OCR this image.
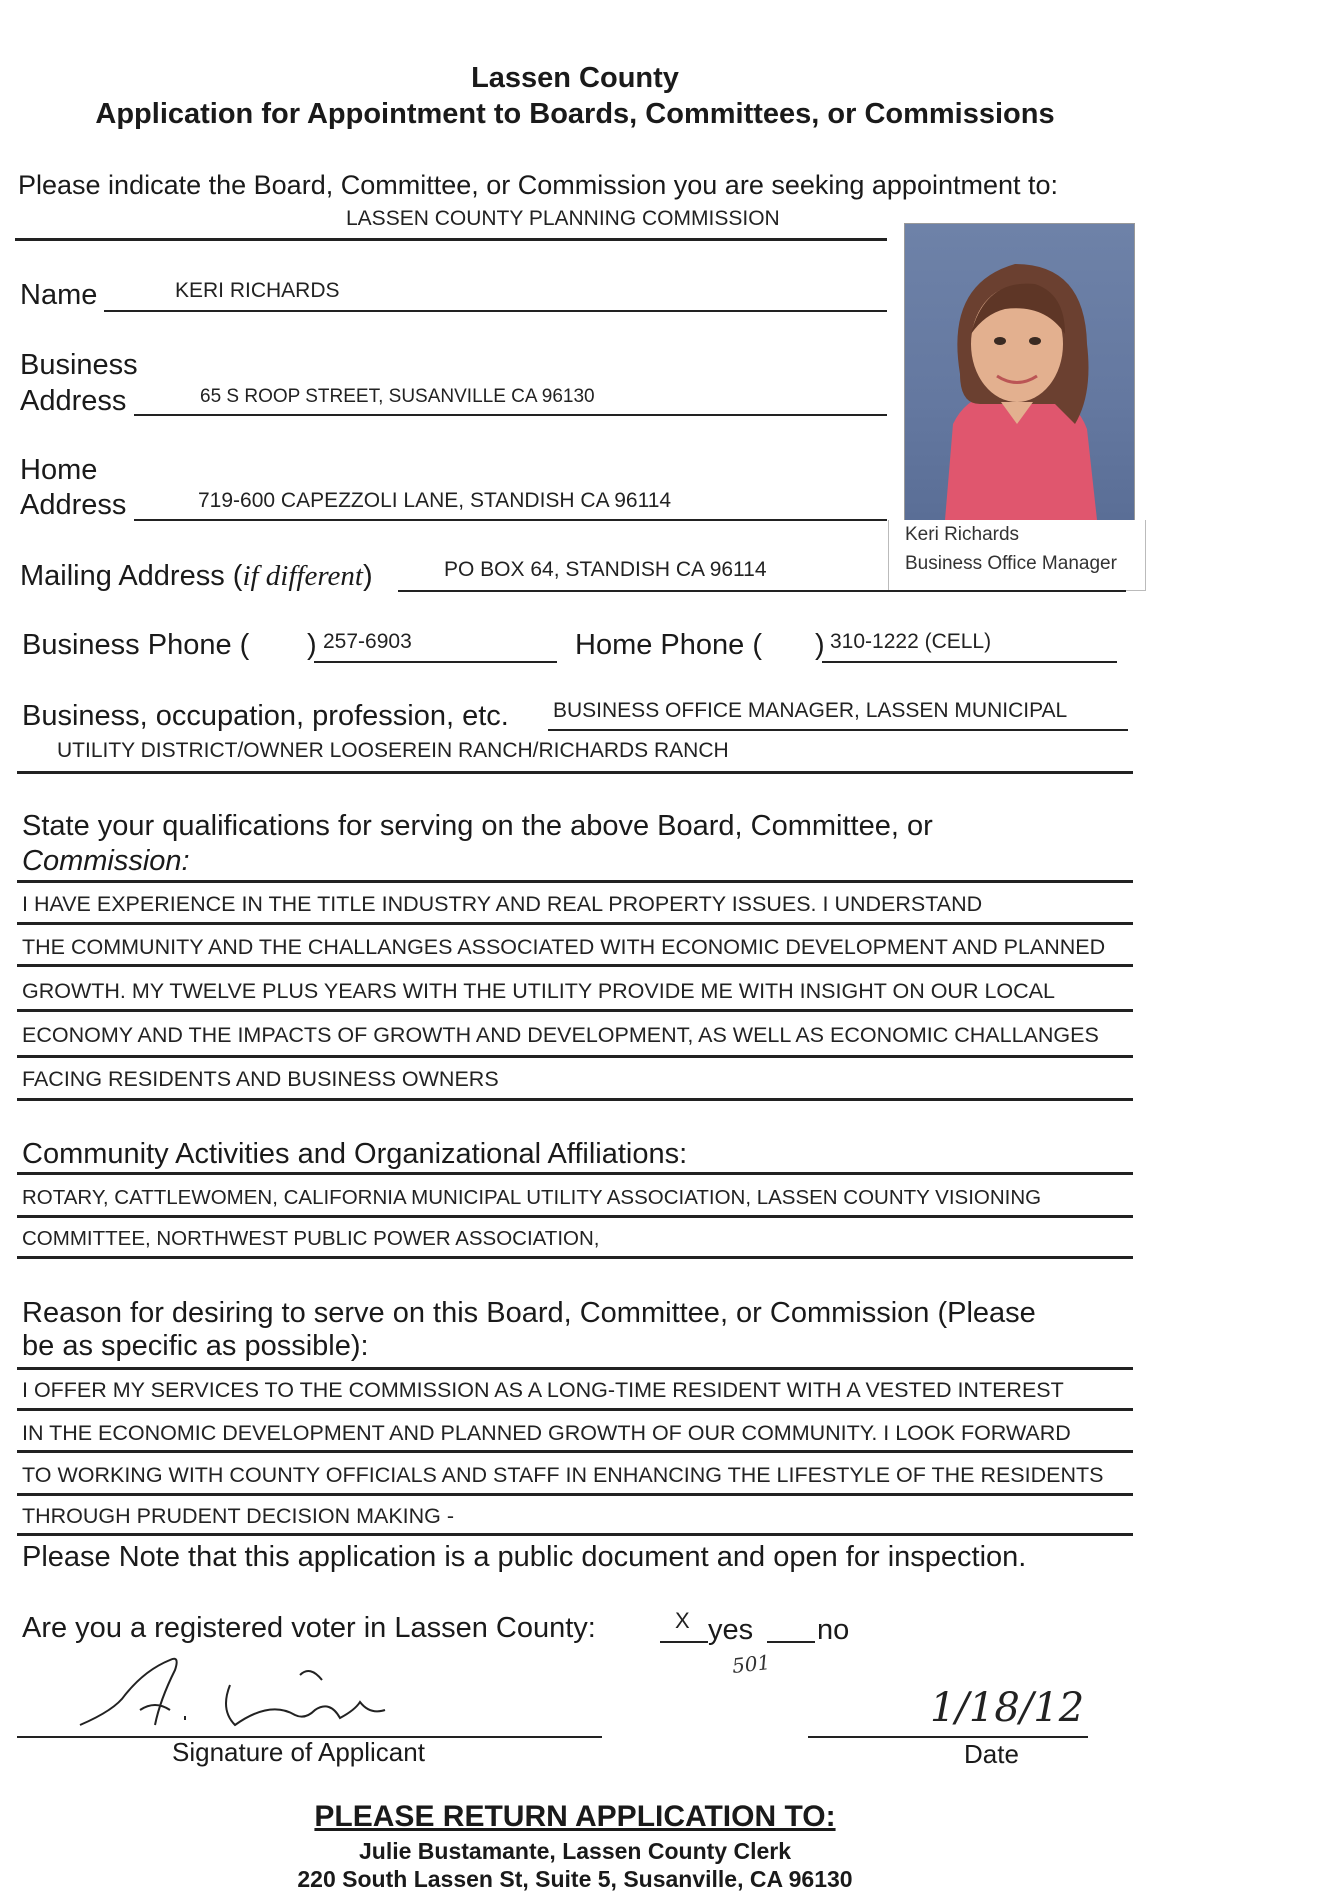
Lassen County
Application for Appointment to Boards, Committees, or Commissions
Please indicate the Board, Committee, or Commission you are seeking appointment to:
LASSEN COUNTY PLANNING COMMISSION
Keri Richards
Business Office Manager
Name	KERI RICHARDS
Business
Address	65 S ROOP STREET, SUSANVILLE CA 96130
Home
Address	719-600 CAPEZZOLI LANE, STANDISH CA 96114
Mailing Address (if different)	PO BOX 64, STANDISH CA 96114
Business Phone ( ) 257-6903	Home Phone ( ) 310-1222 (CELL)
Business, occupation, profession, etc. BUSINESS OFFICE MANAGER, LASSEN MUNICIPAL
UTILITY DISTRICT/OWNER LOOSEREIN RANCH/RICHARDS RANCH
State your qualifications for serving on the above Board, Committee, or
Commission:
I HAVE EXPERIENCE IN THE TITLE INDUSTRY AND REAL PROPERTY ISSUES. I UNDERSTAND
THE COMMUNITY AND THE CHALLANGES ASSOCIATED WITH ECONOMIC DEVELOPMENT AND PLANNED
GROWTH. MY TWELVE PLUS YEARS WITH THE UTILITY PROVIDE ME WITH INSIGHT ON OUR LOCAL
ECONOMY AND THE IMPACTS OF GROWTH AND DEVELOPMENT, AS WELL AS ECONOMIC CHALLANGES
FACING RESIDENTS AND BUSINESS OWNERS
Community Activities and Organizational Affiliations:
ROTARY, CATTLEWOMEN, CALIFORNIA MUNICIPAL UTILITY ASSOCIATION, LASSEN COUNTY VISIONING
COMMITTEE, NORTHWEST PUBLIC POWER ASSOCIATION,
Reason for desiring to serve on this Board, Committee, or Commission (Please
be as specific as possible):
I OFFER MY SERVICES TO THE COMMISSION AS A LONG-TIME RESIDENT WITH A VESTED INTEREST
IN THE ECONOMIC DEVELOPMENT AND PLANNED GROWTH OF OUR COMMUNITY. I LOOK FORWARD
TO WORKING WITH COUNTY OFFICIALS AND STAFF IN ENHANCING THE LIFESTYLE OF THE RESIDENTS
THROUGH PRUDENT DECISION MAKING -
Please Note that this application is a public document and open for inspection.
Are you a registered voter in Lassen County:	X yes no
501
Signature of Applicant
1/18/12
Date
PLEASE RETURN APPLICATION TO:
Julie Bustamante, Lassen County Clerk
220 South Lassen St, Suite 5, Susanville, CA 96130
